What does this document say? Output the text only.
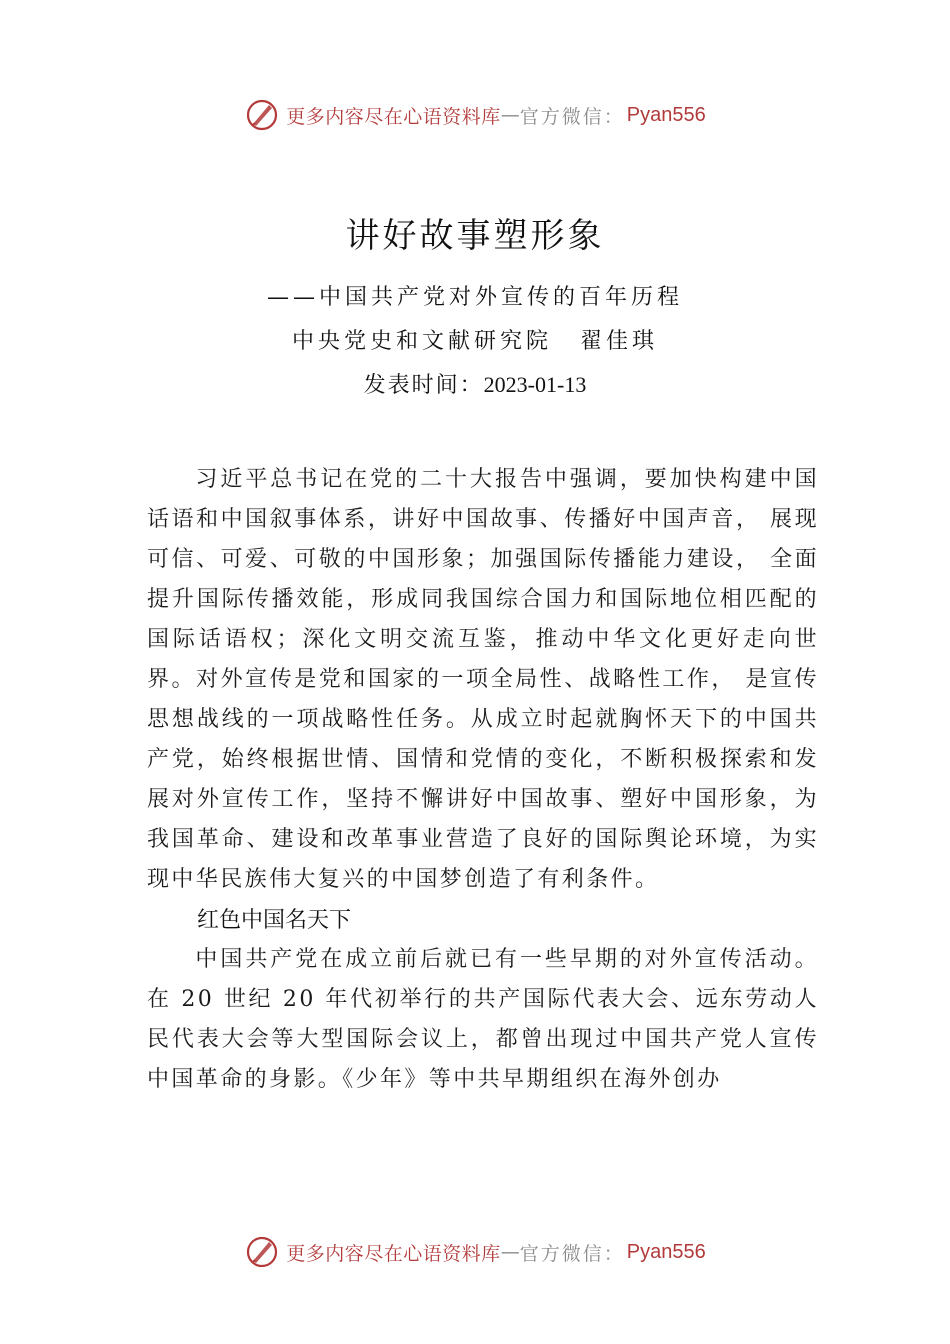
更多内容尽在心语资料库 — 官方微信： Pyan556
讲好故事塑形象
——中国共产党对外宣传的百年历程
中央党史和文献研究院 翟佳琪
发表时间：2023-01-13

习近平总书记在党的二十大报告中强调，要加快构建中国话语和中国叙事体系，讲好中国故事、传播好中国声音， 展现可信、可爱、可敬的中国形象；加强国际传播能力建设， 全面提升国际传播效能，形成同我国综合国力和国际地位相匹配的国际话语权；深化文明交流互鉴，推动中华文化更好走向世界。对外宣传是党和国家的一项全局性、战略性工作， 是宣传思想战线的一项战略性任务。从成立时起就胸怀天下的中国共产党，始终根据世情、国情和党情的变化，不断积极探索和发展对外宣传工作，坚持不懈讲好中国故事、塑好中国形象，为我国革命、建设和改革事业营造了良好的国际舆论环境，为实现中华民族伟大复兴的中国梦创造了有利条件。

红色中国名天下

中国共产党在成立前后就已有一些早期的对外宣传活动。在 20 世纪 20 年代初举行的共产国际代表大会、远东劳动人民代表大会等大型国际会议上，都曾出现过中国共产党人宣传中国革命的身影。《少年》等中共早期组织在海外创办

更多内容尽在心语资料库 — 官方微信： Pyan556
